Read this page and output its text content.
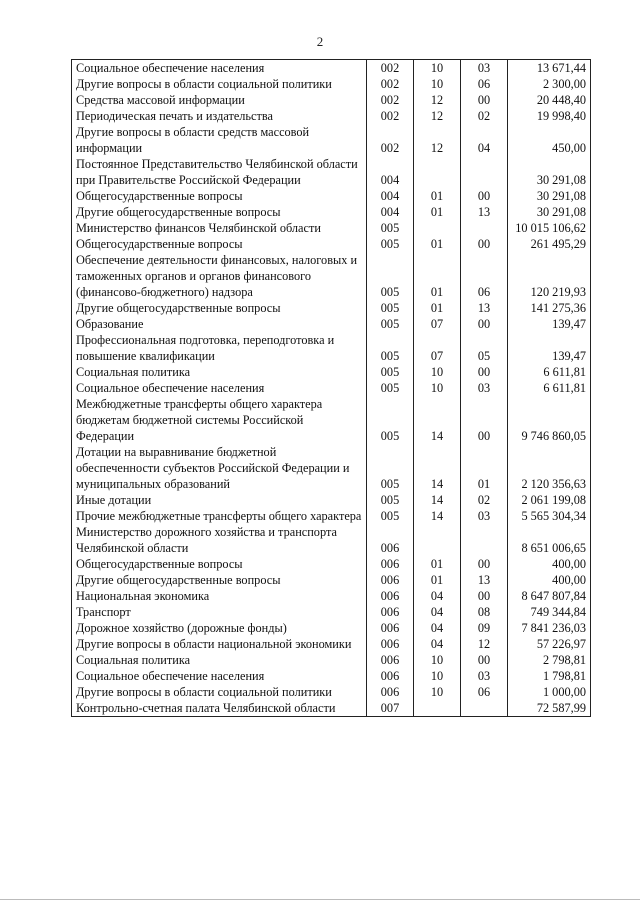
2
Социальное обеспечение населения	002	10	03	13 671,44
Другие вопросы в области социальной политики	002	10	06	2 300,00
Средства массовой информации	002	12	00	20 448,40
Периодическая печать и издательства	002	12	02	19 998,40
Другие вопросы в области средств массовой информации	002	12	04	450,00
Постоянное Представительство Челябинской области при Правительстве Российской Федерации	004			30 291,08
Общегосударственные вопросы	004	01	00	30 291,08
Другие общегосударственные вопросы	004	01	13	30 291,08
Министерство финансов Челябинской области	005			10 015 106,62
Общегосударственные вопросы	005	01	00	261 495,29
Обеспечение деятельности финансовых, налоговых и таможенных органов и органов финансового (финансово-бюджетного) надзора	005	01	06	120 219,93
Другие общегосударственные вопросы	005	01	13	141 275,36
Образование	005	07	00	139,47
Профессиональная подготовка, переподготовка и повышение квалификации	005	07	05	139,47
Социальная политика	005	10	00	6 611,81
Социальное обеспечение населения	005	10	03	6 611,81
Межбюджетные трансферты общего характера бюджетам бюджетной системы Российской Федерации	005	14	00	9 746 860,05
Дотации на выравнивание бюджетной обеспеченности субъектов Российской Федерации и муниципальных образований	005	14	01	2 120 356,63
Иные дотации	005	14	02	2 061 199,08
Прочие межбюджетные трансферты общего характера	005	14	03	5 565 304,34
Министерство дорожного хозяйства и транспорта Челябинской области	006			8 651 006,65
Общегосударственные вопросы	006	01	00	400,00
Другие общегосударственные вопросы	006	01	13	400,00
Национальная экономика	006	04	00	8 647 807,84
Транспорт	006	04	08	749 344,84
Дорожное хозяйство (дорожные фонды)	006	04	09	7 841 236,03
Другие вопросы в области национальной экономики	006	04	12	57 226,97
Социальная политика	006	10	00	2 798,81
Социальное обеспечение населения	006	10	03	1 798,81
Другие вопросы в области социальной политики	006	10	06	1 000,00
Контрольно-счетная палата Челябинской области	007			72 587,99
